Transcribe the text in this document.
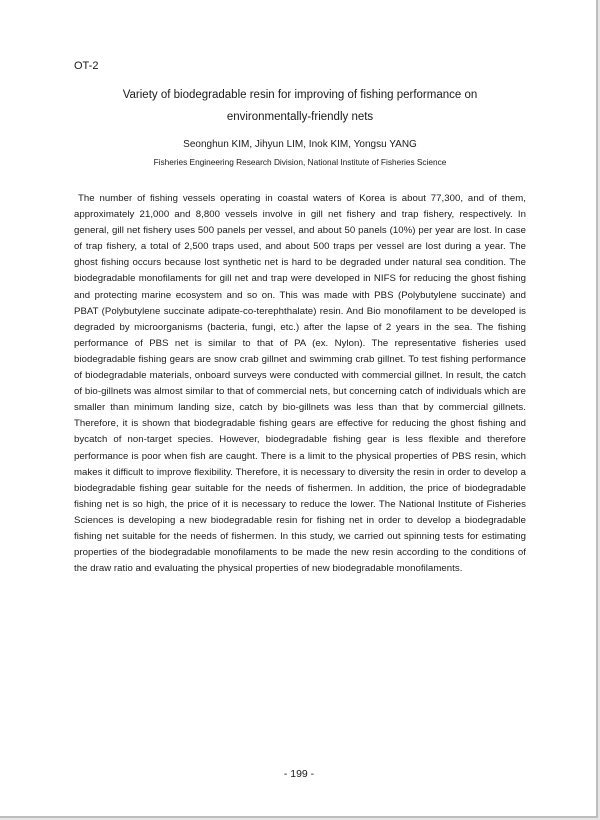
OT-2
Variety of biodegradable resin for improving of fishing performance on
environmentally-friendly nets
Seonghun KIM, Jihyun LIM, Inok KIM, Yongsu YANG
Fisheries Engineering Research Division, National Institute of Fisheries Science
The number of fishing vessels operating in coastal waters of Korea is about 77,300, and of them, approximately 21,000 and 8,800 vessels involve in gill net fishery and trap fishery, respectively. In general, gill net fishery uses 500 panels per vessel, and about 50 panels (10%) per year are lost. In case of trap fishery, a total of 2,500 traps used, and about 500 traps per vessel are lost during a year. The ghost fishing occurs because lost synthetic net is hard to be degraded under natural sea condition. The biodegradable monofilaments for gill net and trap were developed in NIFS for reducing the ghost fishing and protecting marine ecosystem and so on. This was made with PBS (Polybutylene succinate) and PBAT (Polybutylene succinate adipate-co-terephthalate) resin. And Bio monofilament to be developed is degraded by microorganisms (bacteria, fungi, etc.) after the lapse of 2 years in the sea. The fishing performance of PBS net is similar to that of PA (ex. Nylon). The representative fisheries used biodegradable fishing gears are snow crab gillnet and swimming crab gillnet. To test fishing performance of biodegradable materials, onboard surveys were conducted with commercial gillnet. In result, the catch of bio-gillnets was almost similar to that of commercial nets, but concerning catch of individuals which are smaller than minimum landing size, catch by bio-gillnets was less than that by commercial gillnets. Therefore, it is shown that biodegradable fishing gears are effective for reducing the ghost fishing and bycatch of non-target species. However, biodegradable fishing gear is less flexible and therefore performance is poor when fish are caught. There is a limit to the physical properties of PBS resin, which makes it difficult to improve flexibility. Therefore, it is necessary to diversity the resin in order to develop a biodegradable fishing gear suitable for the needs of fishermen. In addition, the price of biodegradable fishing net is so high, the price of it is necessary to reduce the lower. The National Institute of Fisheries Sciences is developing a new biodegradable resin for fishing net in order to develop a biodegradable fishing net suitable for the needs of fishermen. In this study, we carried out spinning tests for estimating properties of the biodegradable monofilaments to be made the new resin according to the conditions of the draw ratio and evaluating the physical properties of new biodegradable monofilaments.
- 199 -
